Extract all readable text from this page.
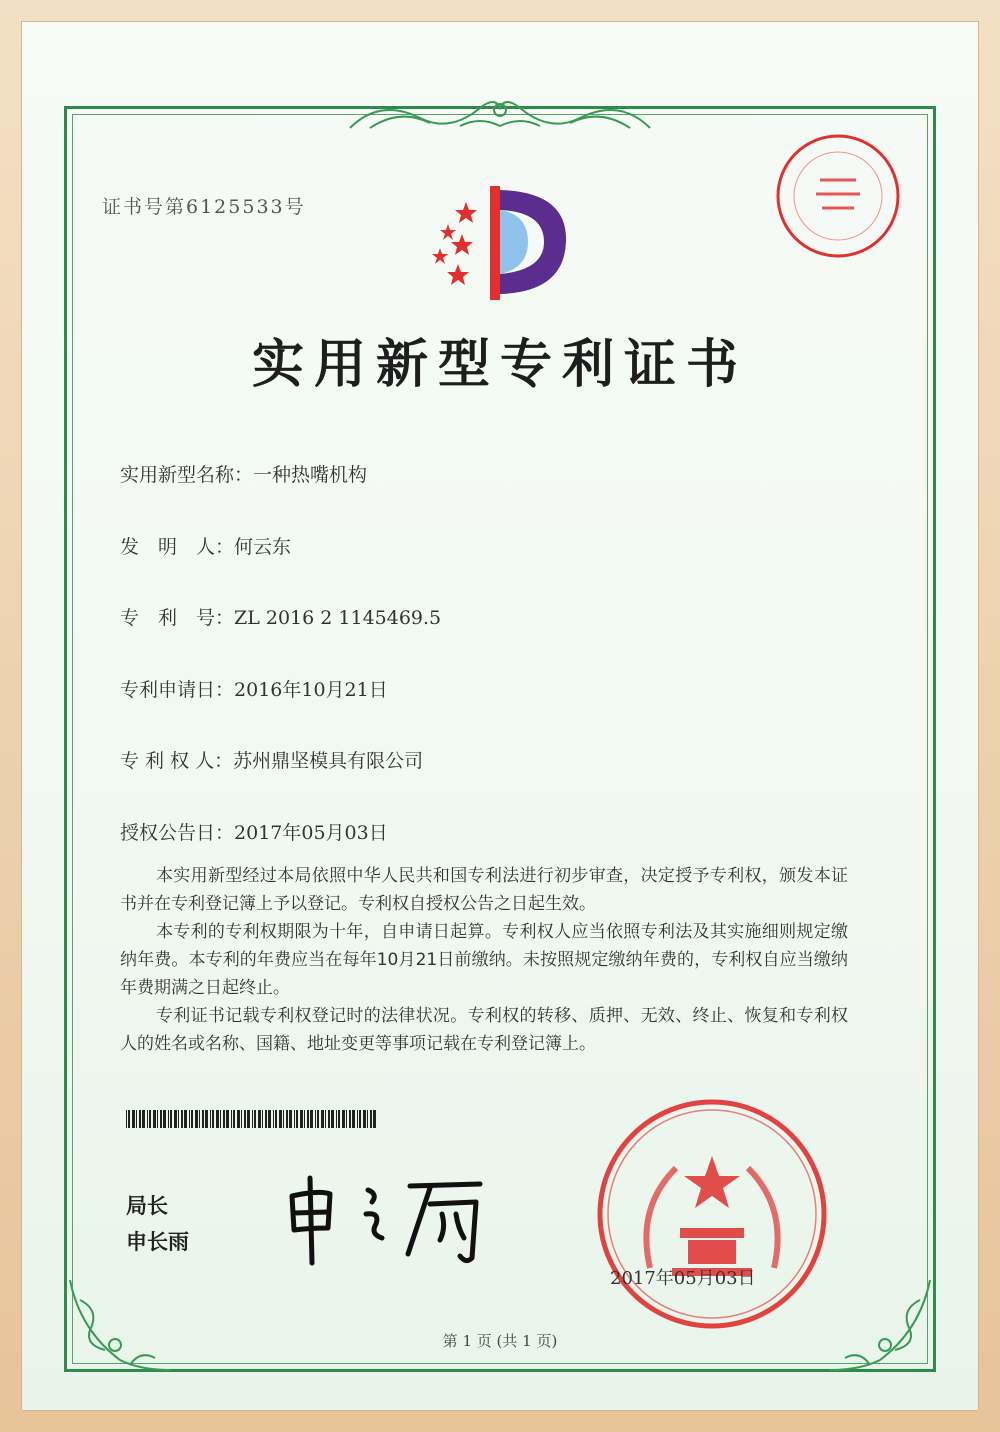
证书号第6125533号
实用新型专利证书
实用新型名称：一种热嘴机构
发　明　人：何云东
专　利　号：ZL 2016 2 1145469.5
专利申请日：2016年10月21日
专 利 权 人：苏州鼎坚模具有限公司
授权公告日：2017年05月03日
本实用新型经过本局依照中华人民共和国专利法进行初步审查，决定授予专利权，颁发本证书并在专利登记簿上予以登记。专利权自授权公告之日起生效。
本专利的专利权期限为十年，自申请日起算。专利权人应当依照专利法及其实施细则规定缴纳年费。本专利的年费应当在每年10月21日前缴纳。未按照规定缴纳年费的，专利权自应当缴纳年费期满之日起终止。
专利证书记载专利权登记时的法律状况。专利权的转移、质押、无效、终止、恢复和专利权人的姓名或名称、国籍、地址变更等事项记载在专利登记簿上。
局长
申长雨
2017年05月03日
第 1 页 (共 1 页)
